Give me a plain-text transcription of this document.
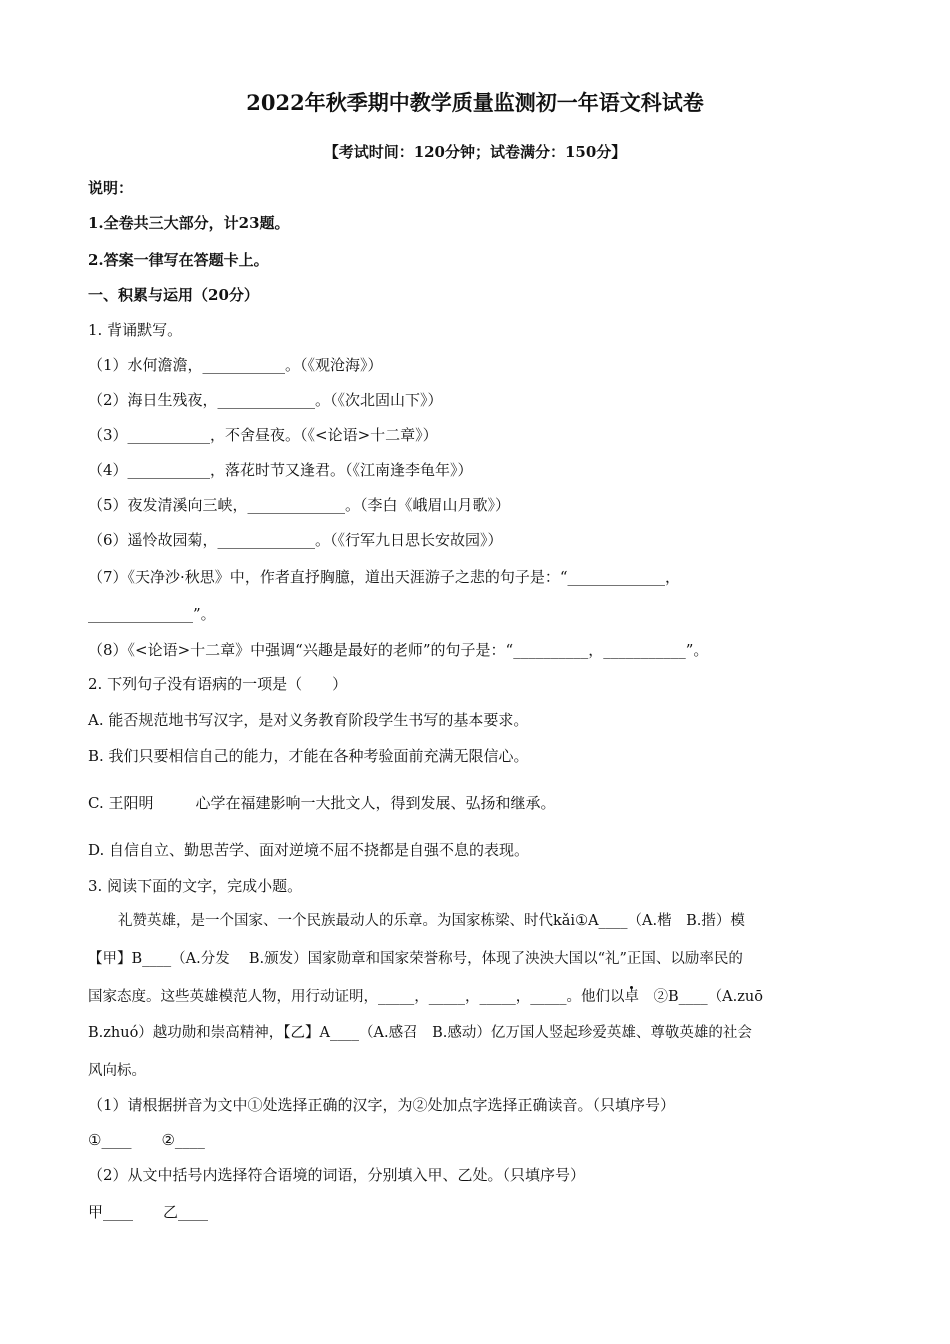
2022年秋季期中教学质量监测初一年语文科试卷
【考试时间：120分钟；试卷满分：150分】
说明：
1.全卷共三大部分，计23题。
2.答案一律写在答题卡上。
一、积累与运用（20分）
1. 背诵默写。
（1）水何澹澹，___________。（《观沧海》）
（2）海日生残夜，_____________。（《次北固山下》）
（3）___________，不舍昼夜。（《<论语>十二章》）
（4）___________，落花时节又逢君。（《江南逢李龟年》）
（5）夜发清溪向三峡，_____________。（李白《峨眉山月歌》）
（6）遥怜故园菊，_____________。（《行军九日思长安故园》）
（7）《天净沙·秋思》中，作者直抒胸臆，道出天涯游子之悲的句子是：“_____________，
______________”。
（8）《<论语>十二章》中强调“兴趣是最好的老师”的句子是：“__________，___________”。
2. 下列句子没有语病的一项是（　　）
A. 能否规范地书写汉字，是对义务教育阶段学生书写的基本要求。
B. 我们只要相信自己的能力，才能在各种考验面前充满无限信心。
C. 王阳明	心学在福建影响一大批文人，得到发展、弘扬和继承。
D. 自信自立、勤思苦学、面对逆境不屈不挠都是自强不息的表现。
3. 阅读下面的文字，完成小题。
礼赞英雄，是一个国家、一个民族最动人的乐章。为国家栋梁、时代kǎi①A____（A.楷　B.揩）模
【甲】B____（A.分发　 B.颁发）国家勋章和国家荣誉称号，体现了泱泱大国以“礼”正国、以励率民的
国家态度。这些英雄模范人物，用行动证明，_____，_____，_____，_____。他们以卓　②B____（A.zuō
B.zhuó）越功勋和崇高精神，【乙】A____（A.感召　B.感动）亿万国人竖起珍爱英雄、尊敬英雄的社会
风向标。
（1）请根据拼音为文中①处选择正确的汉字，为②处加点字选择正确读音。（只填序号）
①____　　②____
（2）从文中括号内选择符合语境的词语，分别填入甲、乙处。（只填序号）
甲____　　乙____
